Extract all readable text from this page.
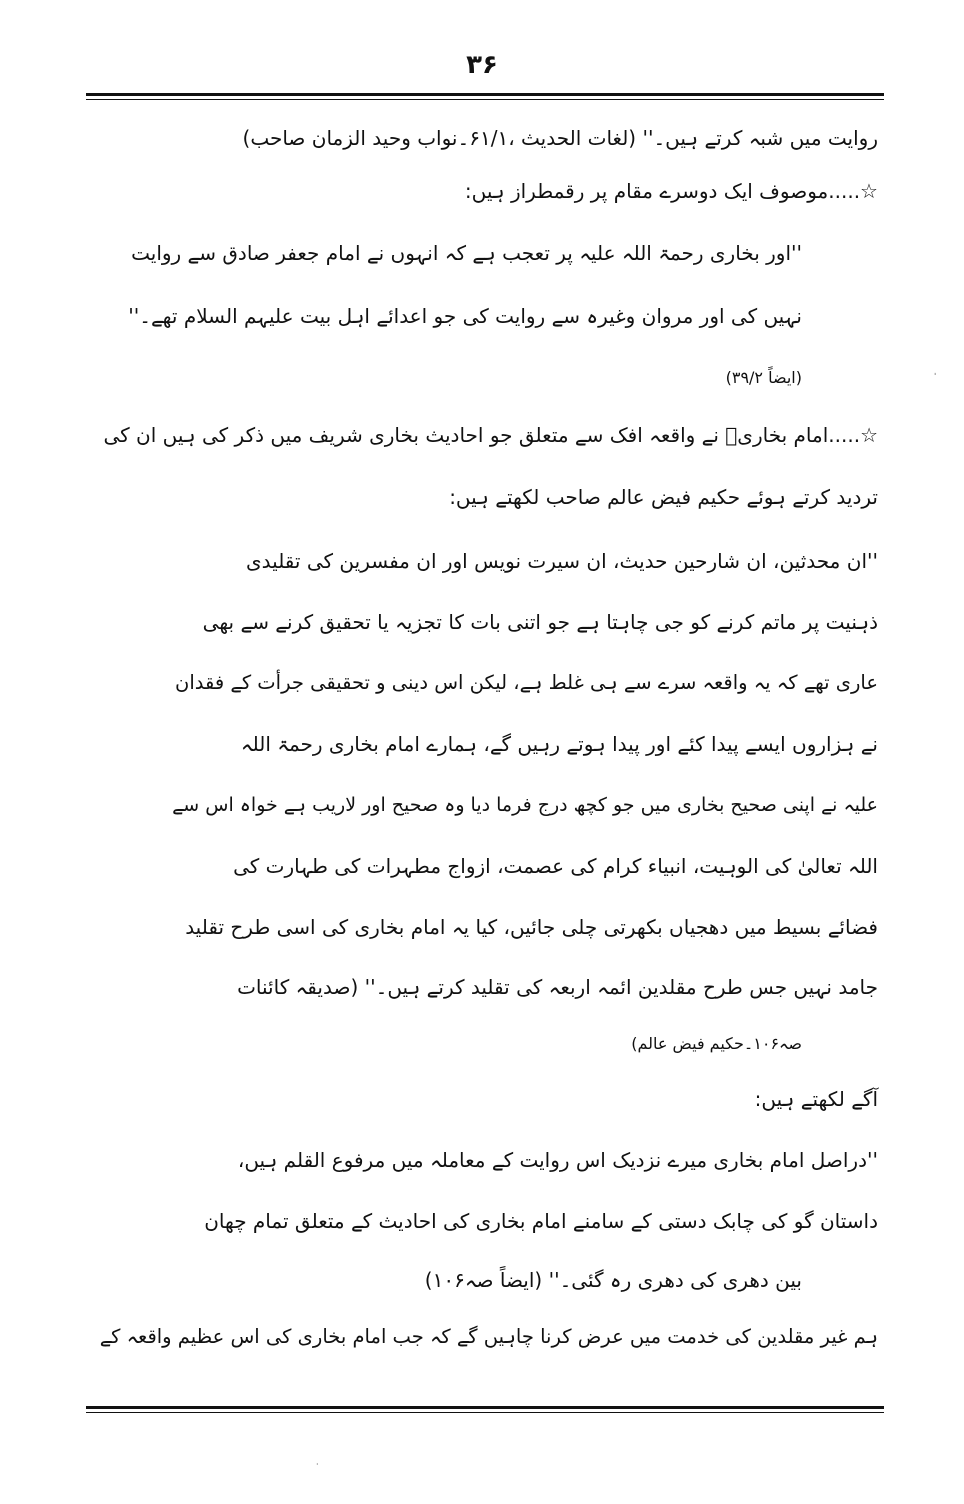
۳۶
روایت میں شبہ کرتے ہیں۔'' (لغات الحدیث ،۶۱/۱۔نواب وحید الزمان صاحب)
☆.....موصوف ایک دوسرے مقام پر رقمطراز ہیں:
''اور بخاری رحمۃ اللہ علیہ پر تعجب ہے کہ انہوں نے امام جعفر صادق سے روایت
نہیں کی اور مروان وغیرہ سے روایت کی جو اعدائے اہل بیت علیہم السلام تھے۔''
(ایضاً ۳۹/۲)
☆.....امام بخاریؒ نے واقعہ افک سے متعلق جو احادیث بخاری شریف میں ذکر کی ہیں ان کی
تردید کرتے ہوئے حکیم فیض عالم صاحب لکھتے ہیں:
''ان محدثین، ان شارحین حدیث، ان سیرت نویس اور ان مفسرین کی تقلیدی
ذہنیت پر ماتم کرنے کو جی چاہتا ہے جو اتنی بات کا تجزیہ یا تحقیق کرنے سے بھی
عاری تھے کہ یہ واقعہ سرے سے ہی غلط ہے، لیکن اس دینی و تحقیقی جرأت کے فقدان
نے ہزاروں ایسے پیدا کئے اور پیدا ہوتے رہیں گے، ہمارے امام بخاری رحمۃ اللہ
علیہ نے اپنی صحیح بخاری میں جو کچھ درج فرما دیا وہ صحیح اور لاریب ہے خواہ اس سے
اللہ تعالیٰ کی الوہیت، انبیاء کرام کی عصمت، ازواج مطہرات کی طہارت کی
فضائے بسیط میں دھجیاں بکھرتی چلی جائیں، کیا یہ امام بخاری کی اسی طرح تقلید
جامد نہیں جس طرح مقلدین ائمہ اربعہ کی تقلید کرتے ہیں۔'' (صدیقہ کائنات
صہ۱۰۶۔حکیم فیض عالم)
آگے لکھتے ہیں:
''دراصل امام بخاری میرے نزدیک اس روایت کے معاملہ میں مرفوع القلم ہیں،
داستان گو کی چابک دستی کے سامنے امام بخاری کی احادیث کے متعلق تمام چھان
بین دھری کی دھری رہ گئی۔'' (ایضاً صہ۱۰۶)
ہم غیر مقلدین کی خدمت میں عرض کرنا چاہیں گے کہ جب امام بخاری کی اس عظیم واقعہ کے
ˈ
·
